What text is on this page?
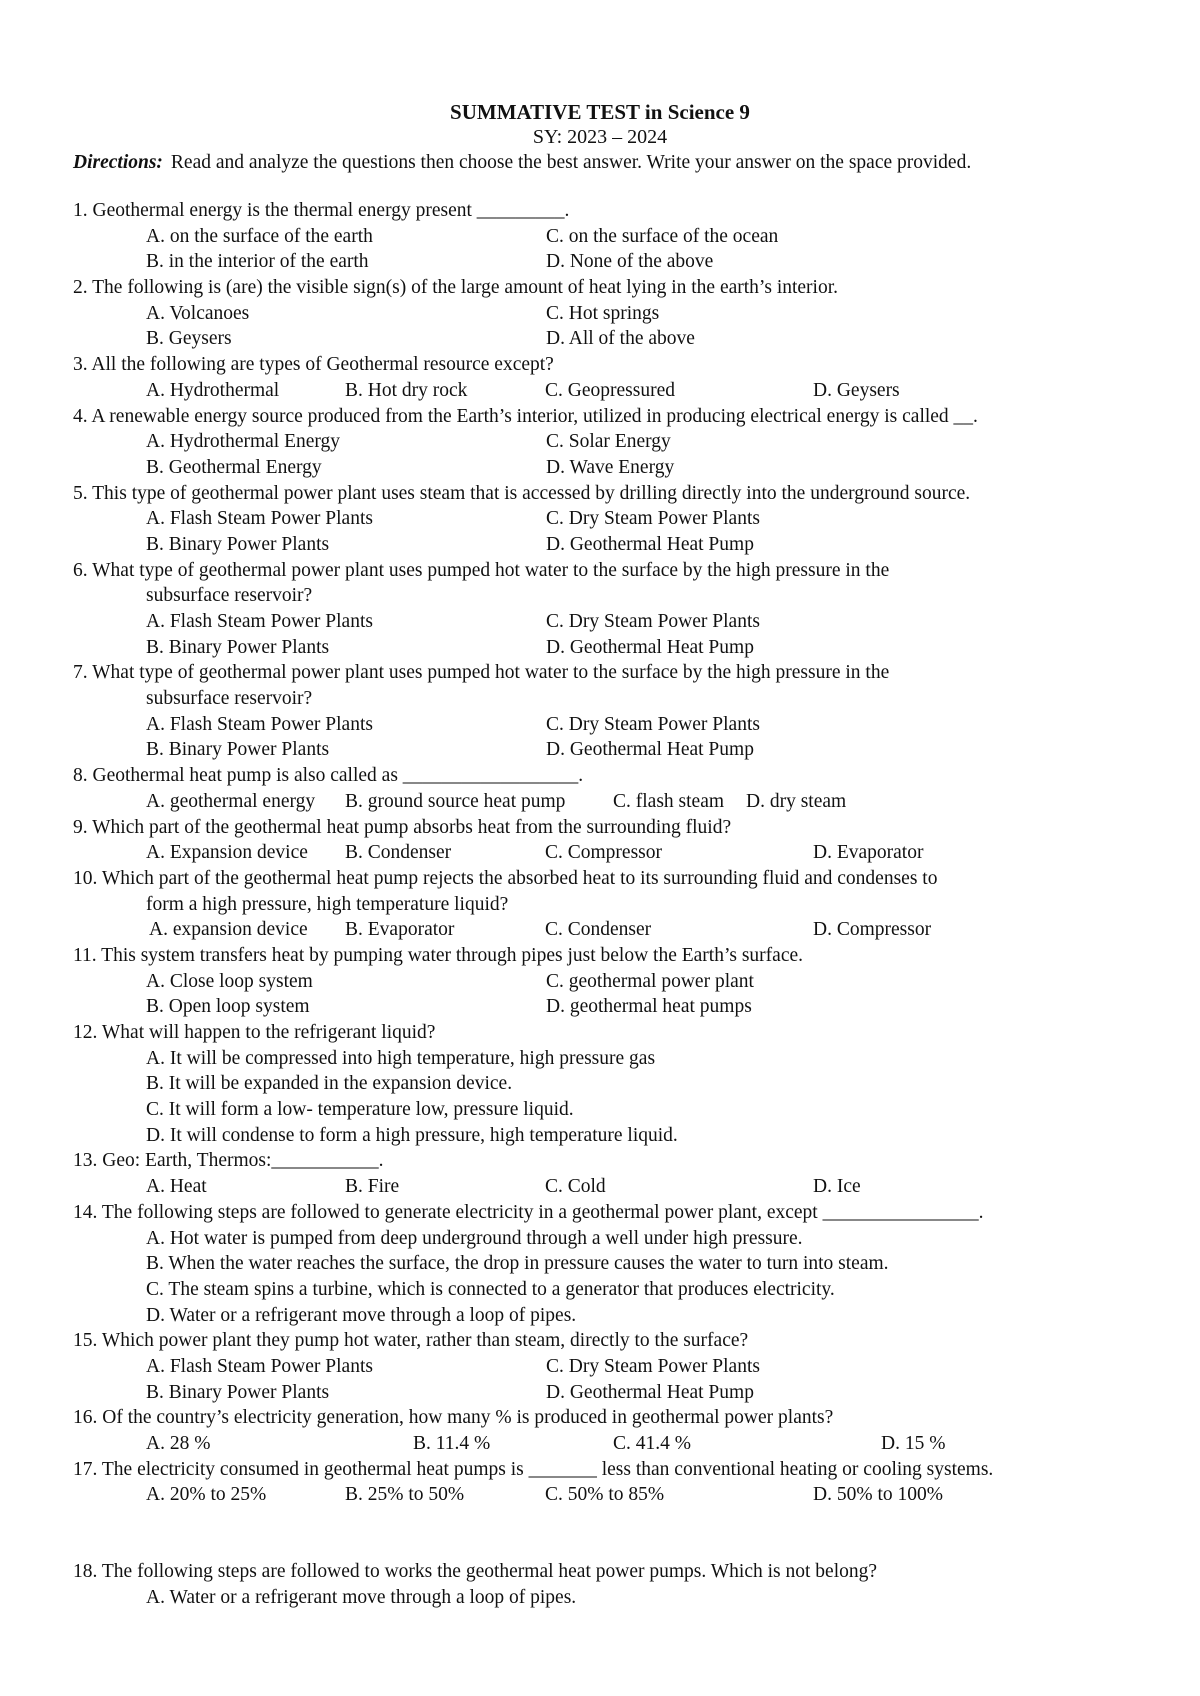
SUMMATIVE TEST in Science 9
SY: 2023 – 2024
Directions: Read and analyze the questions then choose the best answer. Write your answer on the space provided.
1. Geothermal energy is the thermal energy present _________.
A. on the surface of the earth	C. on the surface of the ocean
B. in the interior of the earth	D. None of the above
2. The following is (are) the visible sign(s) of the large amount of heat lying in the earth’s interior.
A. Volcanoes	C. Hot springs
B. Geysers	D. All of the above
3. All the following are types of Geothermal resource except?
A. Hydrothermal	B. Hot dry rock	C. Geopressured	D. Geysers
4. A renewable energy source produced from the Earth’s interior, utilized in producing electrical energy is called __.
A. Hydrothermal Energy	C. Solar Energy
B. Geothermal Energy	D. Wave Energy
5. This type of geothermal power plant uses steam that is accessed by drilling directly into the underground source.
A. Flash Steam Power Plants	C. Dry Steam Power Plants
B. Binary Power Plants	D. Geothermal Heat Pump
6. What type of geothermal power plant uses pumped hot water to the surface by the high pressure in the
subsurface reservoir?
A. Flash Steam Power Plants	C. Dry Steam Power Plants
B. Binary Power Plants	D. Geothermal Heat Pump
7. What type of geothermal power plant uses pumped hot water to the surface by the high pressure in the
subsurface reservoir?
A. Flash Steam Power Plants	C. Dry Steam Power Plants
B. Binary Power Plants	D. Geothermal Heat Pump
8. Geothermal heat pump is also called as __________________.
A. geothermal energy B. ground source heat pump C. flash steam D. dry steam
9. Which part of the geothermal heat pump absorbs heat from the surrounding fluid?
A. Expansion device B. Condenser	C. Compressor	D. Evaporator
10. Which part of the geothermal heat pump rejects the absorbed heat to its surrounding fluid and condenses to
form a high pressure, high temperature liquid?
A. expansion device B. Evaporator	C. Condenser	D. Compressor
11. This system transfers heat by pumping water through pipes just below the Earth’s surface.
A. Close loop system	C. geothermal power plant
B. Open loop system	D. geothermal heat pumps
12. What will happen to the refrigerant liquid?
A. It will be compressed into high temperature, high pressure gas
B. It will be expanded in the expansion device.
C. It will form a low- temperature low, pressure liquid.
D. It will condense to form a high pressure, high temperature liquid.
13. Geo: Earth, Thermos:___________.
A. Heat	B. Fire	C. Cold	D. Ice
14. The following steps are followed to generate electricity in a geothermal power plant, except ________________.
A. Hot water is pumped from deep underground through a well under high pressure.
B. When the water reaches the surface, the drop in pressure causes the water to turn into steam.
C. The steam spins a turbine, which is connected to a generator that produces electricity.
D. Water or a refrigerant move through a loop of pipes.
15. Which power plant they pump hot water, rather than steam, directly to the surface?
A. Flash Steam Power Plants	C. Dry Steam Power Plants
B. Binary Power Plants	D. Geothermal Heat Pump
16. Of the country’s electricity generation, how many % is produced in geothermal power plants?
A. 28 %	B. 11.4 %	C. 41.4 %	D. 15 %
17. The electricity consumed in geothermal heat pumps is _______ less than conventional heating or cooling systems.
A. 20% to 25%	B. 25% to 50%	C. 50% to 85%	D. 50% to 100%
18. The following steps are followed to works the geothermal heat power pumps. Which is not belong?
A. Water or a refrigerant move through a loop of pipes.
